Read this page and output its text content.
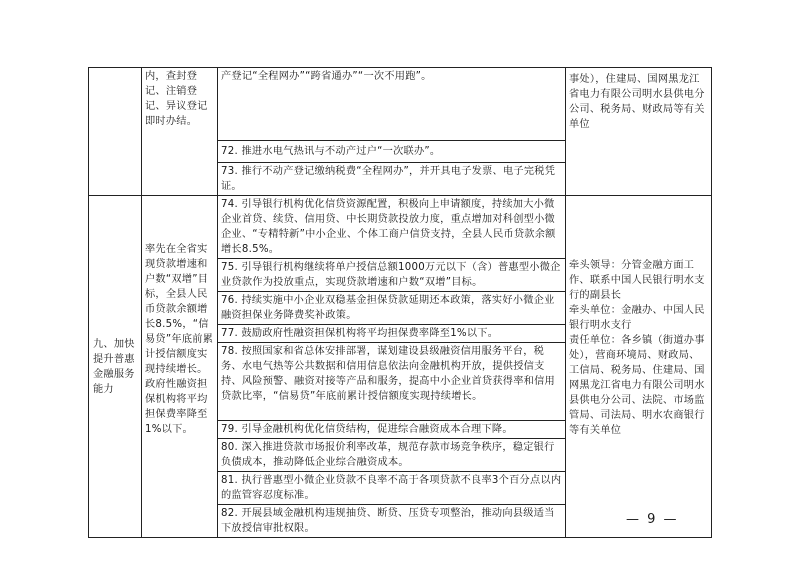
	内，查封登记、注销登记、异议登记即时办结。	产登记“全程网办”“跨省通办”“一次不用跑”。	事处），住建局、国网黑龙江省电力有限公司明水县供电分公司、税务局、财政局等有关单位

		72. 推进水电气热讯与不动产过户“一次联办”。	

		73. 推行不动产登记缴纳税费“全程网办”，并开具电子发票、电子完税凭证。	

九、加快提升普惠金融服务能力	率先在全省实现贷款增速和户数“双增”目标，全县人民币贷款余额增长8.5%，“信易贷”年底前累计授信额度实现持续增长。政府性融资担保机构将平均担保费率降至1%以下。	74. 引导银行机构优化信贷资源配置，积极向上申请额度，持续加大小微企业首贷、续贷、信用贷、中长期贷款投放力度，重点增加对科创型小微企业、“专精特新”中小企业、个体工商户信贷支持，全县人民币贷款余额增长8.5%。	牵头领导：分管金融方面工作、联系中国人民银行明水支行的副县长
牵头单位：金融办、中国人民银行明水支行
责任单位：各乡镇（街道办事处），营商环境局、财政局、工信局、税务局、住建局、国网黑龙江省电力有限公司明水县供电分公司、法院、市场监管局、司法局、明水农商银行等有关单位

		75. 引导银行机构继续将单户授信总额1000万元以下（含）普惠型小微企业贷款作为投放重点，实现贷款增速和户数“双增”目标。	

		76. 持续实施中小企业双稳基金担保贷款延期还本政策，落实好小微企业融资担保业务降费奖补政策。	

		77. 鼓励政府性融资担保机构将平均担保费率降至1%以下。	

		78. 按照国家和省总体安排部署，谋划建设县级融资信用服务平台，税务、水电气热等公共数据和信用信息依法向金融机构开放，提供授信支持、风险预警、融资对接等产品和服务，提高中小企业首贷获得率和信用贷款比率，“信易贷”年底前累计授信额度实现持续增长。	

		79. 引导金融机构优化信贷结构，促进综合融资成本合理下降。	

		80. 深入推进贷款市场报价利率改革，规范存款市场竞争秩序，稳定银行负债成本，推动降低企业综合融资成本。	

		81. 执行普惠型小微企业贷款不良率不高于各项贷款不良率3个百分点以内的监管容忍度标准。	

		82. 开展县域金融机构违规抽贷、断贷、压贷专项整治，推动向县级适当下放授信审批权限。	
— 9 —
